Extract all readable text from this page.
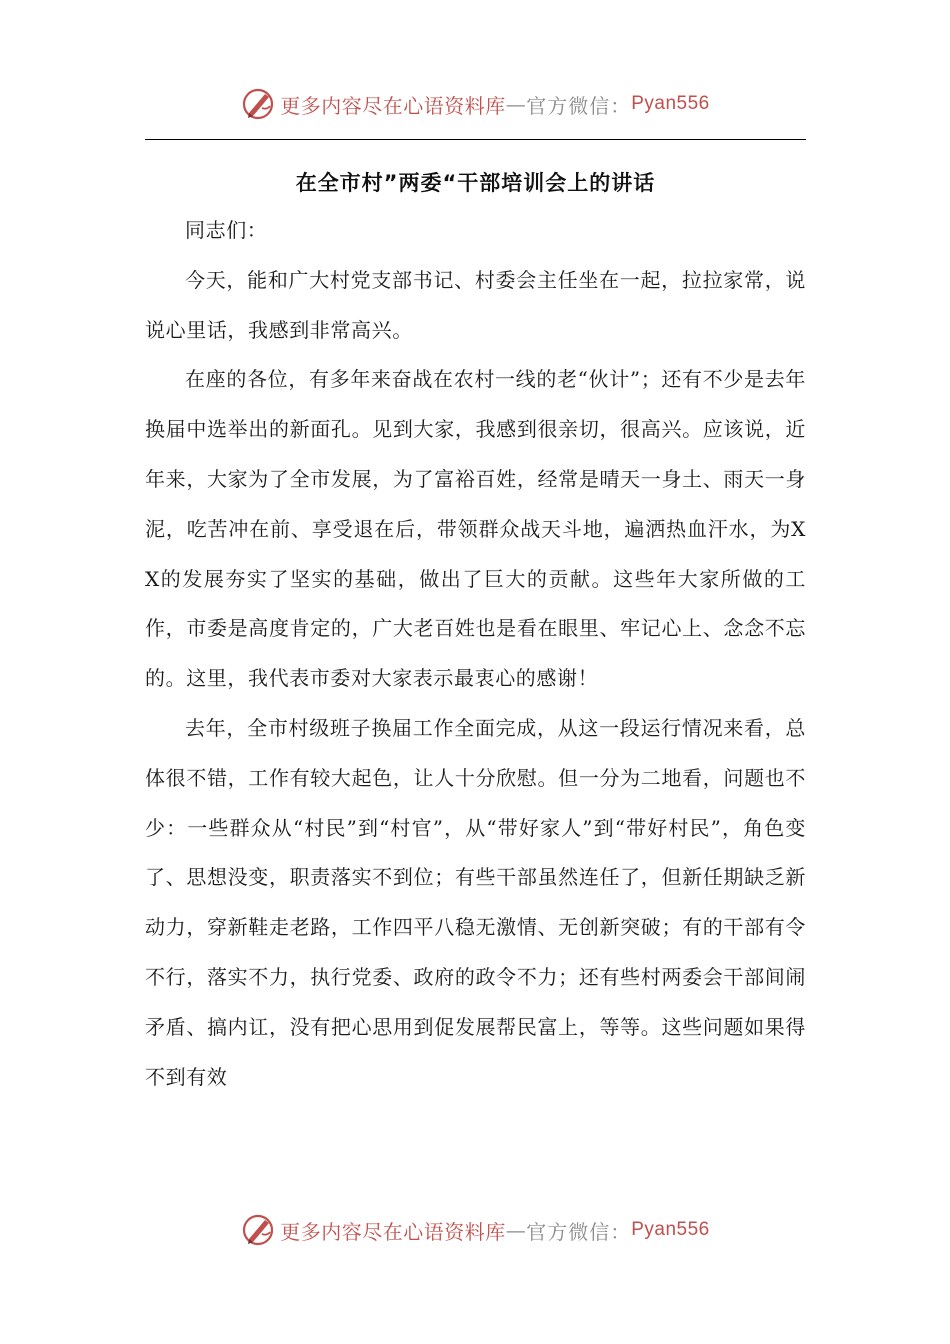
更多内容尽在心语资料库 — 官方微信： Pyan556
在全市村”两委“干部培训会上的讲话

同志们：

今天，能和广大村党支部书记、村委会主任坐在一起，拉拉家常，说说心里话，我感到非常高兴。

在座的各位，有多年来奋战在农村一线的老“伙计”；还有不少是去年换届中选举出的新面孔。见到大家，我感到很亲切，很高兴。应该说，近年来，大家为了全市发展，为了富裕百姓，经常是晴天一身土、雨天一身泥，吃苦冲在前、享受退在后，带领群众战天斗地，遍洒热血汗水，为XX的发展夯实了坚实的基础，做出了巨大的贡献。这些年大家所做的工作，市委是高度肯定的，广大老百姓也是看在眼里、牢记心上、念念不忘的。这里，我代表市委对大家表示最衷心的感谢！

去年，全市村级班子换届工作全面完成，从这一段运行情况来看，总体很不错，工作有较大起色，让人十分欣慰。但一分为二地看，问题也不少：一些群众从“村民”到“村官”，从“带好家人”到“带好村民”，角色变了、思想没变，职责落实不到位；有些干部虽然连任了，但新任期缺乏新动力，穿新鞋走老路，工作四平八稳无激情、无创新突破；有的干部有令不行，落实不力，执行党委、政府的政令不力；还有些村两委会干部间闹矛盾、搞内讧，没有把心思用到促发展帮民富上，等等。这些问题如果得不到有效

更多内容尽在心语资料库 — 官方微信： Pyan556
